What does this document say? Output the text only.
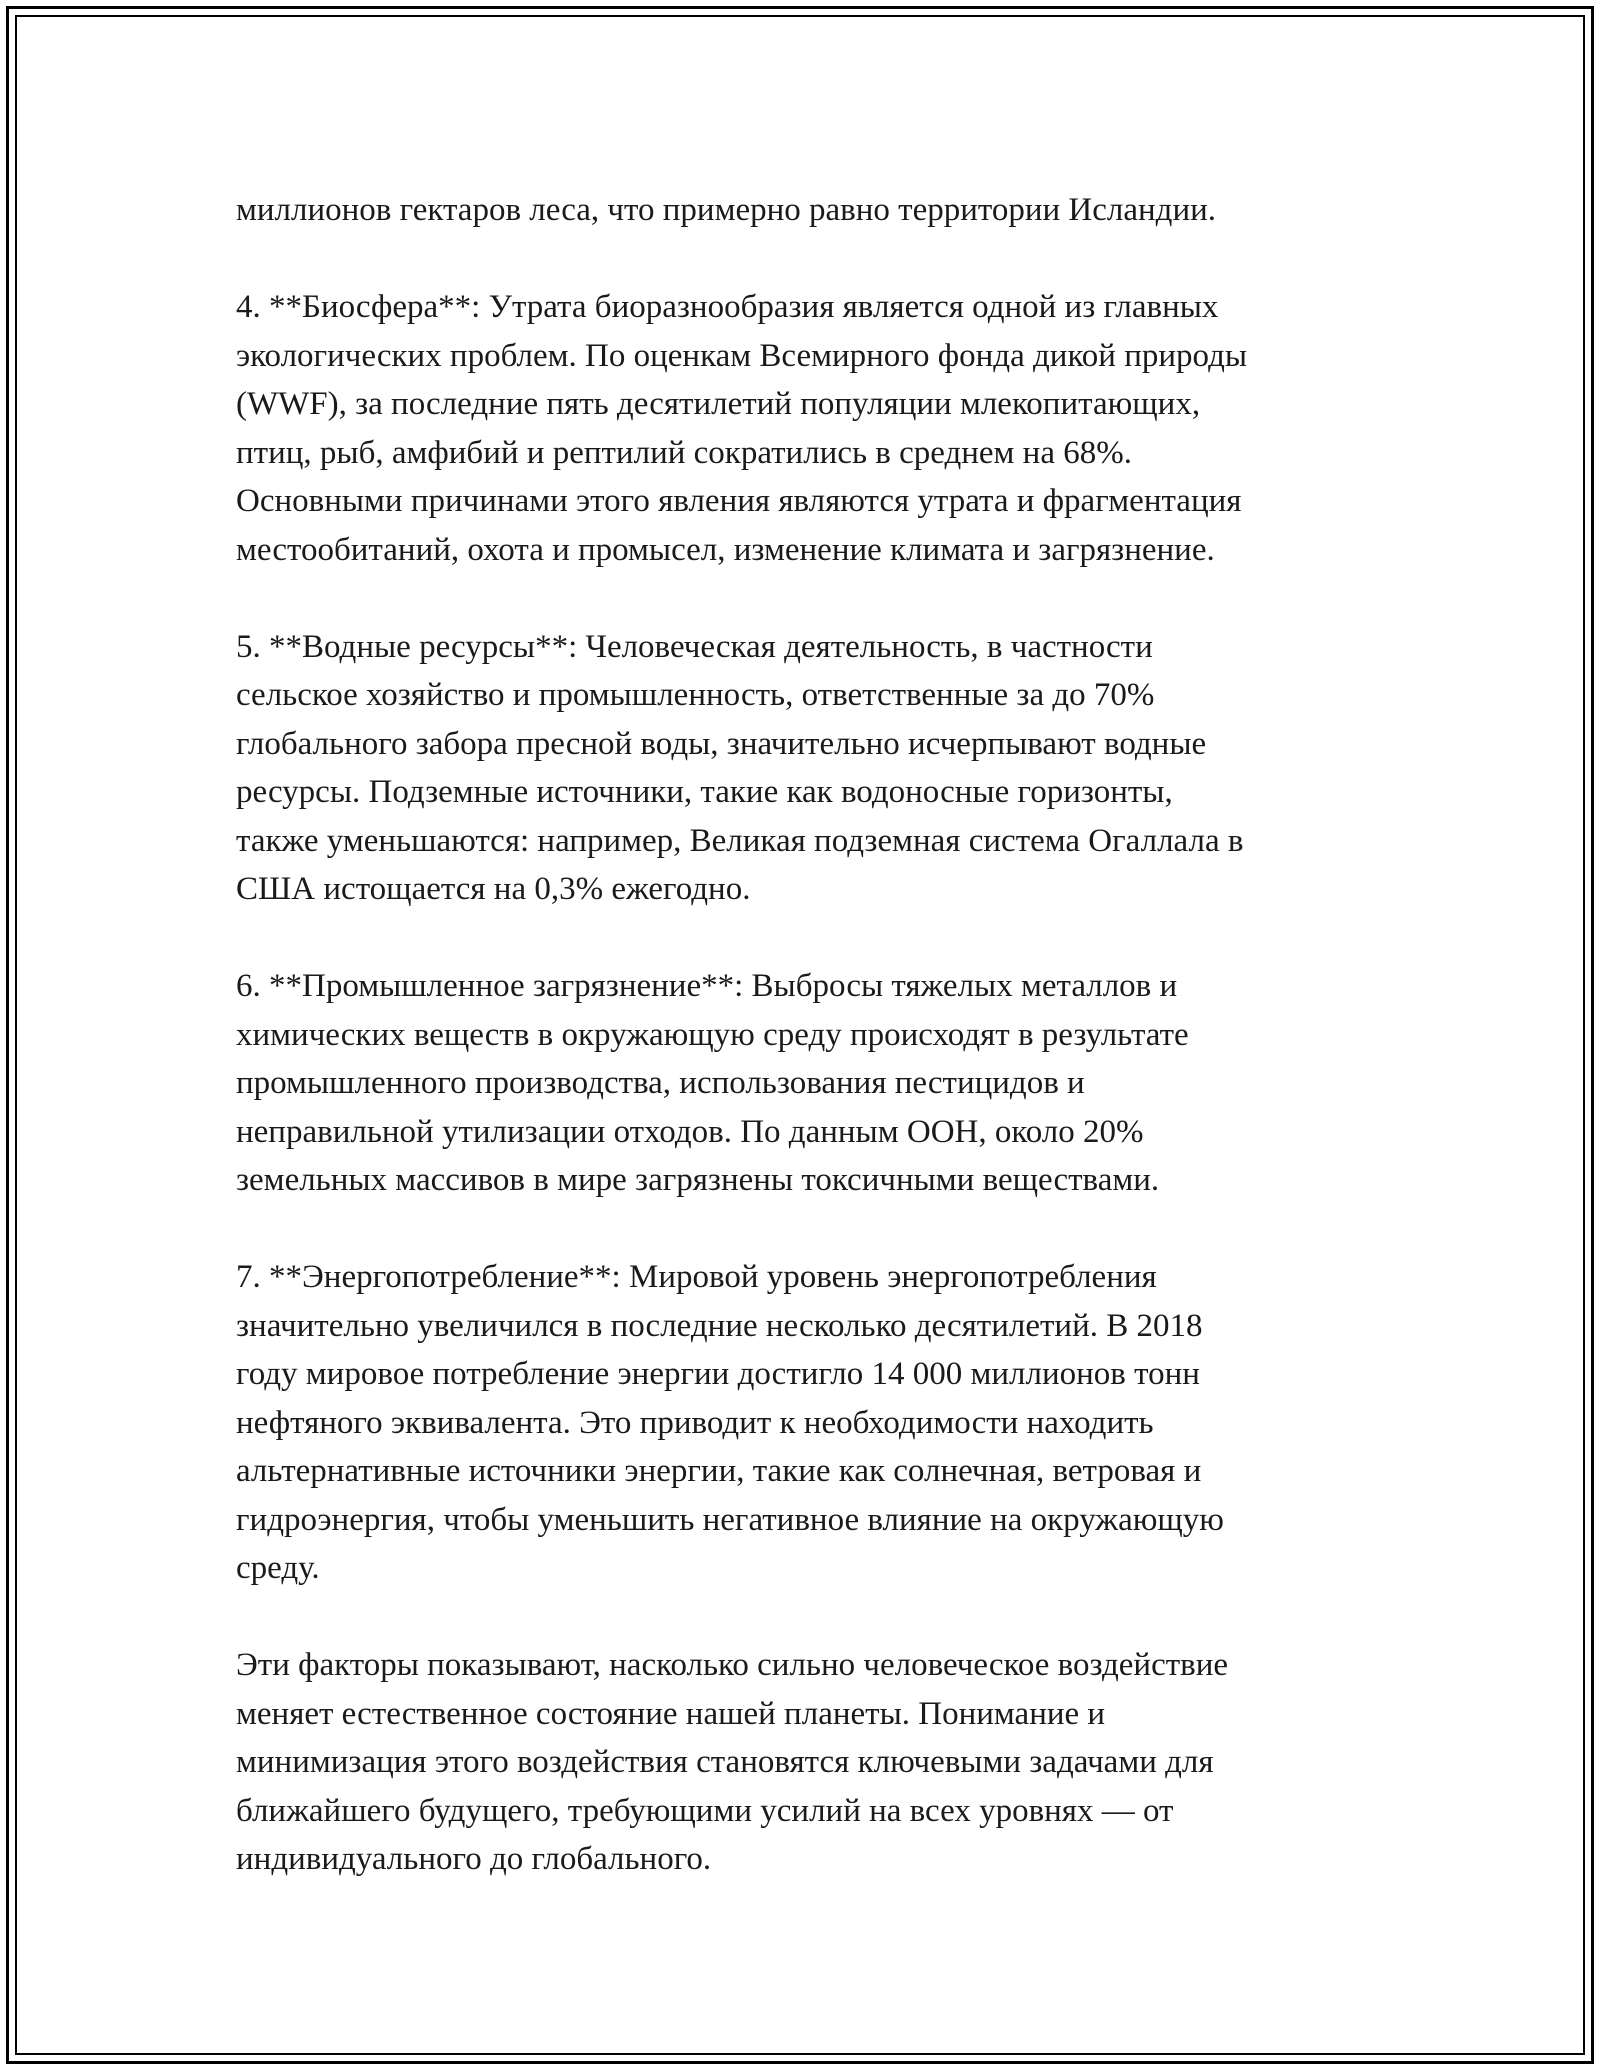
миллионов гектаров леса, что примерно равно территории Исландии.

4. **Биосфера**: Утрата биоразнообразия является одной из главных
экологических проблем. По оценкам Всемирного фонда дикой природы
(WWF), за последние пять десятилетий популяции млекопитающих,
птиц, рыб, амфибий и рептилий сократились в среднем на 68%.
Основными причинами этого явления являются утрата и фрагментация
местообитаний, охота и промысел, изменение климата и загрязнение.

5. **Водные ресурсы**: Человеческая деятельность, в частности
сельское хозяйство и промышленность, ответственные за до 70%
глобального забора пресной воды, значительно исчерпывают водные
ресурсы. Подземные источники, такие как водоносные горизонты,
также уменьшаются: например, Великая подземная система Огаллала в
США истощается на 0,3% ежегодно.

6. **Промышленное загрязнение**: Выбросы тяжелых металлов и
химических веществ в окружающую среду происходят в результате
промышленного производства, использования пестицидов и
неправильной утилизации отходов. По данным ООН, около 20%
земельных массивов в мире загрязнены токсичными веществами.

7. **Энергопотребление**: Мировой уровень энергопотребления
значительно увеличился в последние несколько десятилетий. В 2018
году мировое потребление энергии достигло 14 000 миллионов тонн
нефтяного эквивалента. Это приводит к необходимости находить
альтернативные источники энергии, такие как солнечная, ветровая и
гидроэнергия, чтобы уменьшить негативное влияние на окружающую
среду.

Эти факторы показывают, насколько сильно человеческое воздействие
меняет естественное состояние нашей планеты. Понимание и
минимизация этого воздействия становятся ключевыми задачами для
ближайшего будущего, требующими усилий на всех уровнях — от
индивидуального до глобального.
